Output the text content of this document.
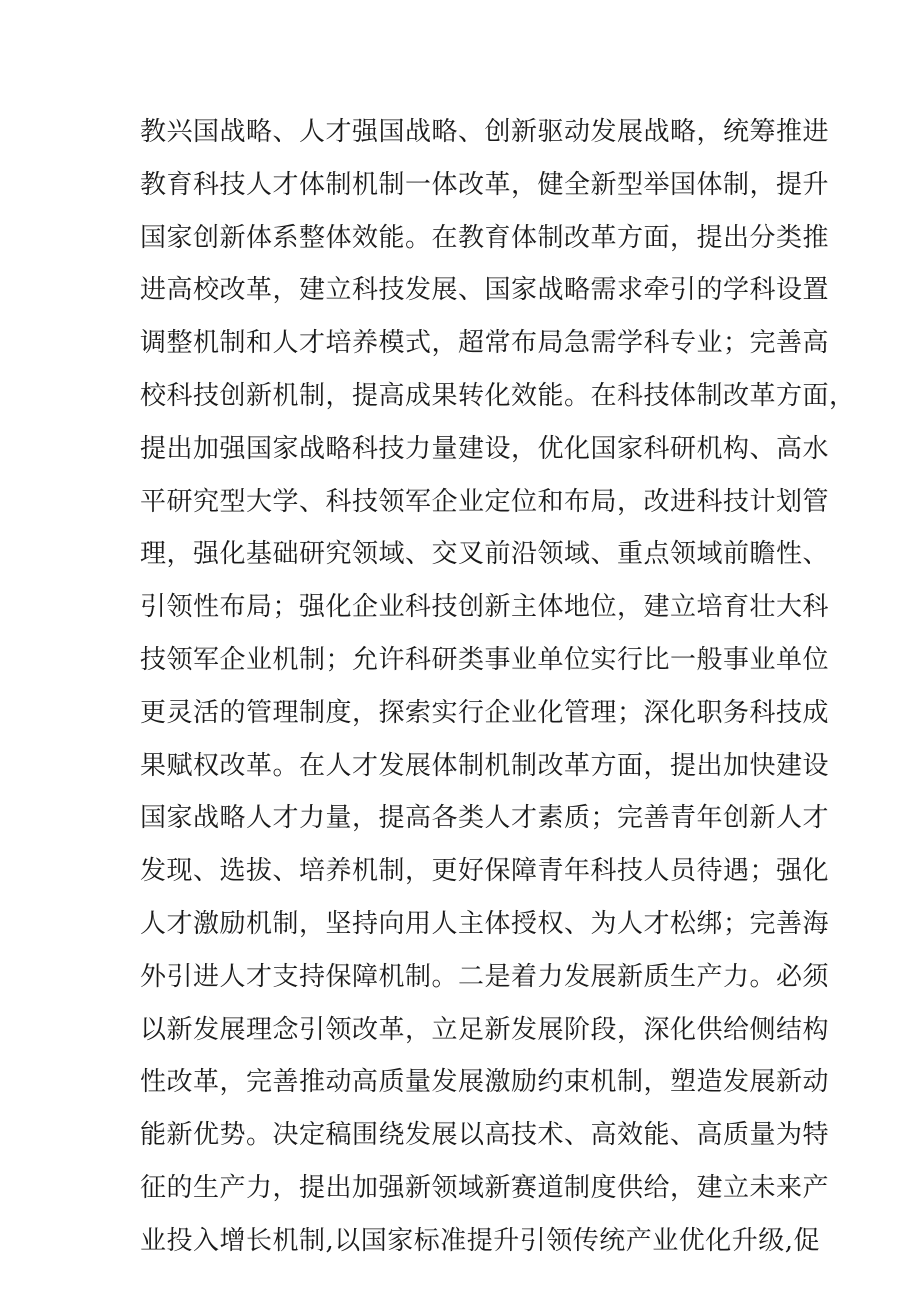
教兴国战略、人才强国战略、创新驱动发展战略，统筹推进
教育科技人才体制机制一体改革，健全新型举国体制，提升
国家创新体系整体效能。在教育体制改革方面，提出分类推
进高校改革，建立科技发展、国家战略需求牵引的学科设置
调整机制和人才培养模式，超常布局急需学科专业；完善高
校科技创新机制，提高成果转化效能。在科技体制改革方面，
提出加强国家战略科技力量建设，优化国家科研机构、高水
平研究型大学、科技领军企业定位和布局，改进科技计划管
理，强化基础研究领域、交叉前沿领域、重点领域前瞻性、
引领性布局；强化企业科技创新主体地位，建立培育壮大科
技领军企业机制；允许科研类事业单位实行比一般事业单位
更灵活的管理制度，探索实行企业化管理；深化职务科技成
果赋权改革。在人才发展体制机制改革方面，提出加快建设
国家战略人才力量，提高各类人才素质；完善青年创新人才
发现、选拔、培养机制，更好保障青年科技人员待遇；强化
人才激励机制，坚持向用人主体授权、为人才松绑；完善海
外引进人才支持保障机制。二是着力发展新质生产力。必须
以新发展理念引领改革，立足新发展阶段，深化供给侧结构
性改革，完善推动高质量发展激励约束机制，塑造发展新动
能新优势。决定稿围绕发展以高技术、高效能、高质量为特
征的生产力，提出加强新领域新赛道制度供给，建立未来产
业投入增长机制,以国家标准提升引领传统产业优化升级,促
